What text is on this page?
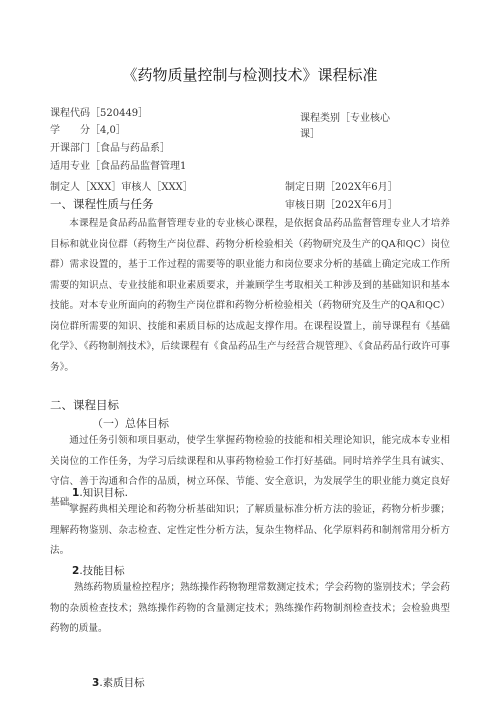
《药物质量控制与检测技术》课程标准
课程代码［520449］	课程类别［专业核心
课］
学　　分［4,0］
开课部门［食品与药品系］
适用专业［食品药品监督管理1
制定人［XXX］审核人［XXX］	制定日期［202X年6月］
审核日期［202X年6月］
一、课程性质与任务

本课程是食品药品监督管理专业的专业核心课程，是依据食品药品监督管理专业人才培养目标和就业岗位群（药物生产岗位群、药物分析检验相关（药物研究及生产的QA和QC）岗位群）需求设置的，基于工作过程的需要等的职业能力和岗位要求分析的基础上确定完成工作所需要的知识点、专业技能和职业素质要求，并兼顾学生考取相关工种涉及到的基础知识和基本技能。对本专业所面向的药物生产岗位群和药物分析检验相关（药物研究及生产的QA和QC）岗位群所需要的知识、技能和素质目标的达成起支撑作用。在课程设置上，前导课程有《基础化学》、《药物制剂技术》，后续课程有《食品药品生产与经营合规管理》、《食品药品行政许可事务》。

二、课程目标
（一）总体目标

通过任务引领和项目驱动，使学生掌握药物检验的技能和相关理论知识，能完成本专业相关岗位的工作任务，为学习后续课程和从事药物检验工作打好基础。同时培养学生具有诚实、守信、善于沟通和合作的品质，树立环保、节能、安全意识，为发展学生的职业能力奠定良好基础。

1.知识目标.

掌握药典相关理论和药物分析基础知识；了解质量标准分析方法的验证，药物分析步骤；理解药物鉴别、杂志检查、定性定性分析方法，复杂生物样品、化学原料药和制剂常用分析方法。

2.技能目标

熟练药物质量检控程序；熟练操作药物物理常数测定技术；学会药物的鉴别技术；学会药物的杂质检查技术；熟练操作药物的含量测定技术；熟练操作药物制剂检查技术；会检验典型药物的质量。

3.素质目标
